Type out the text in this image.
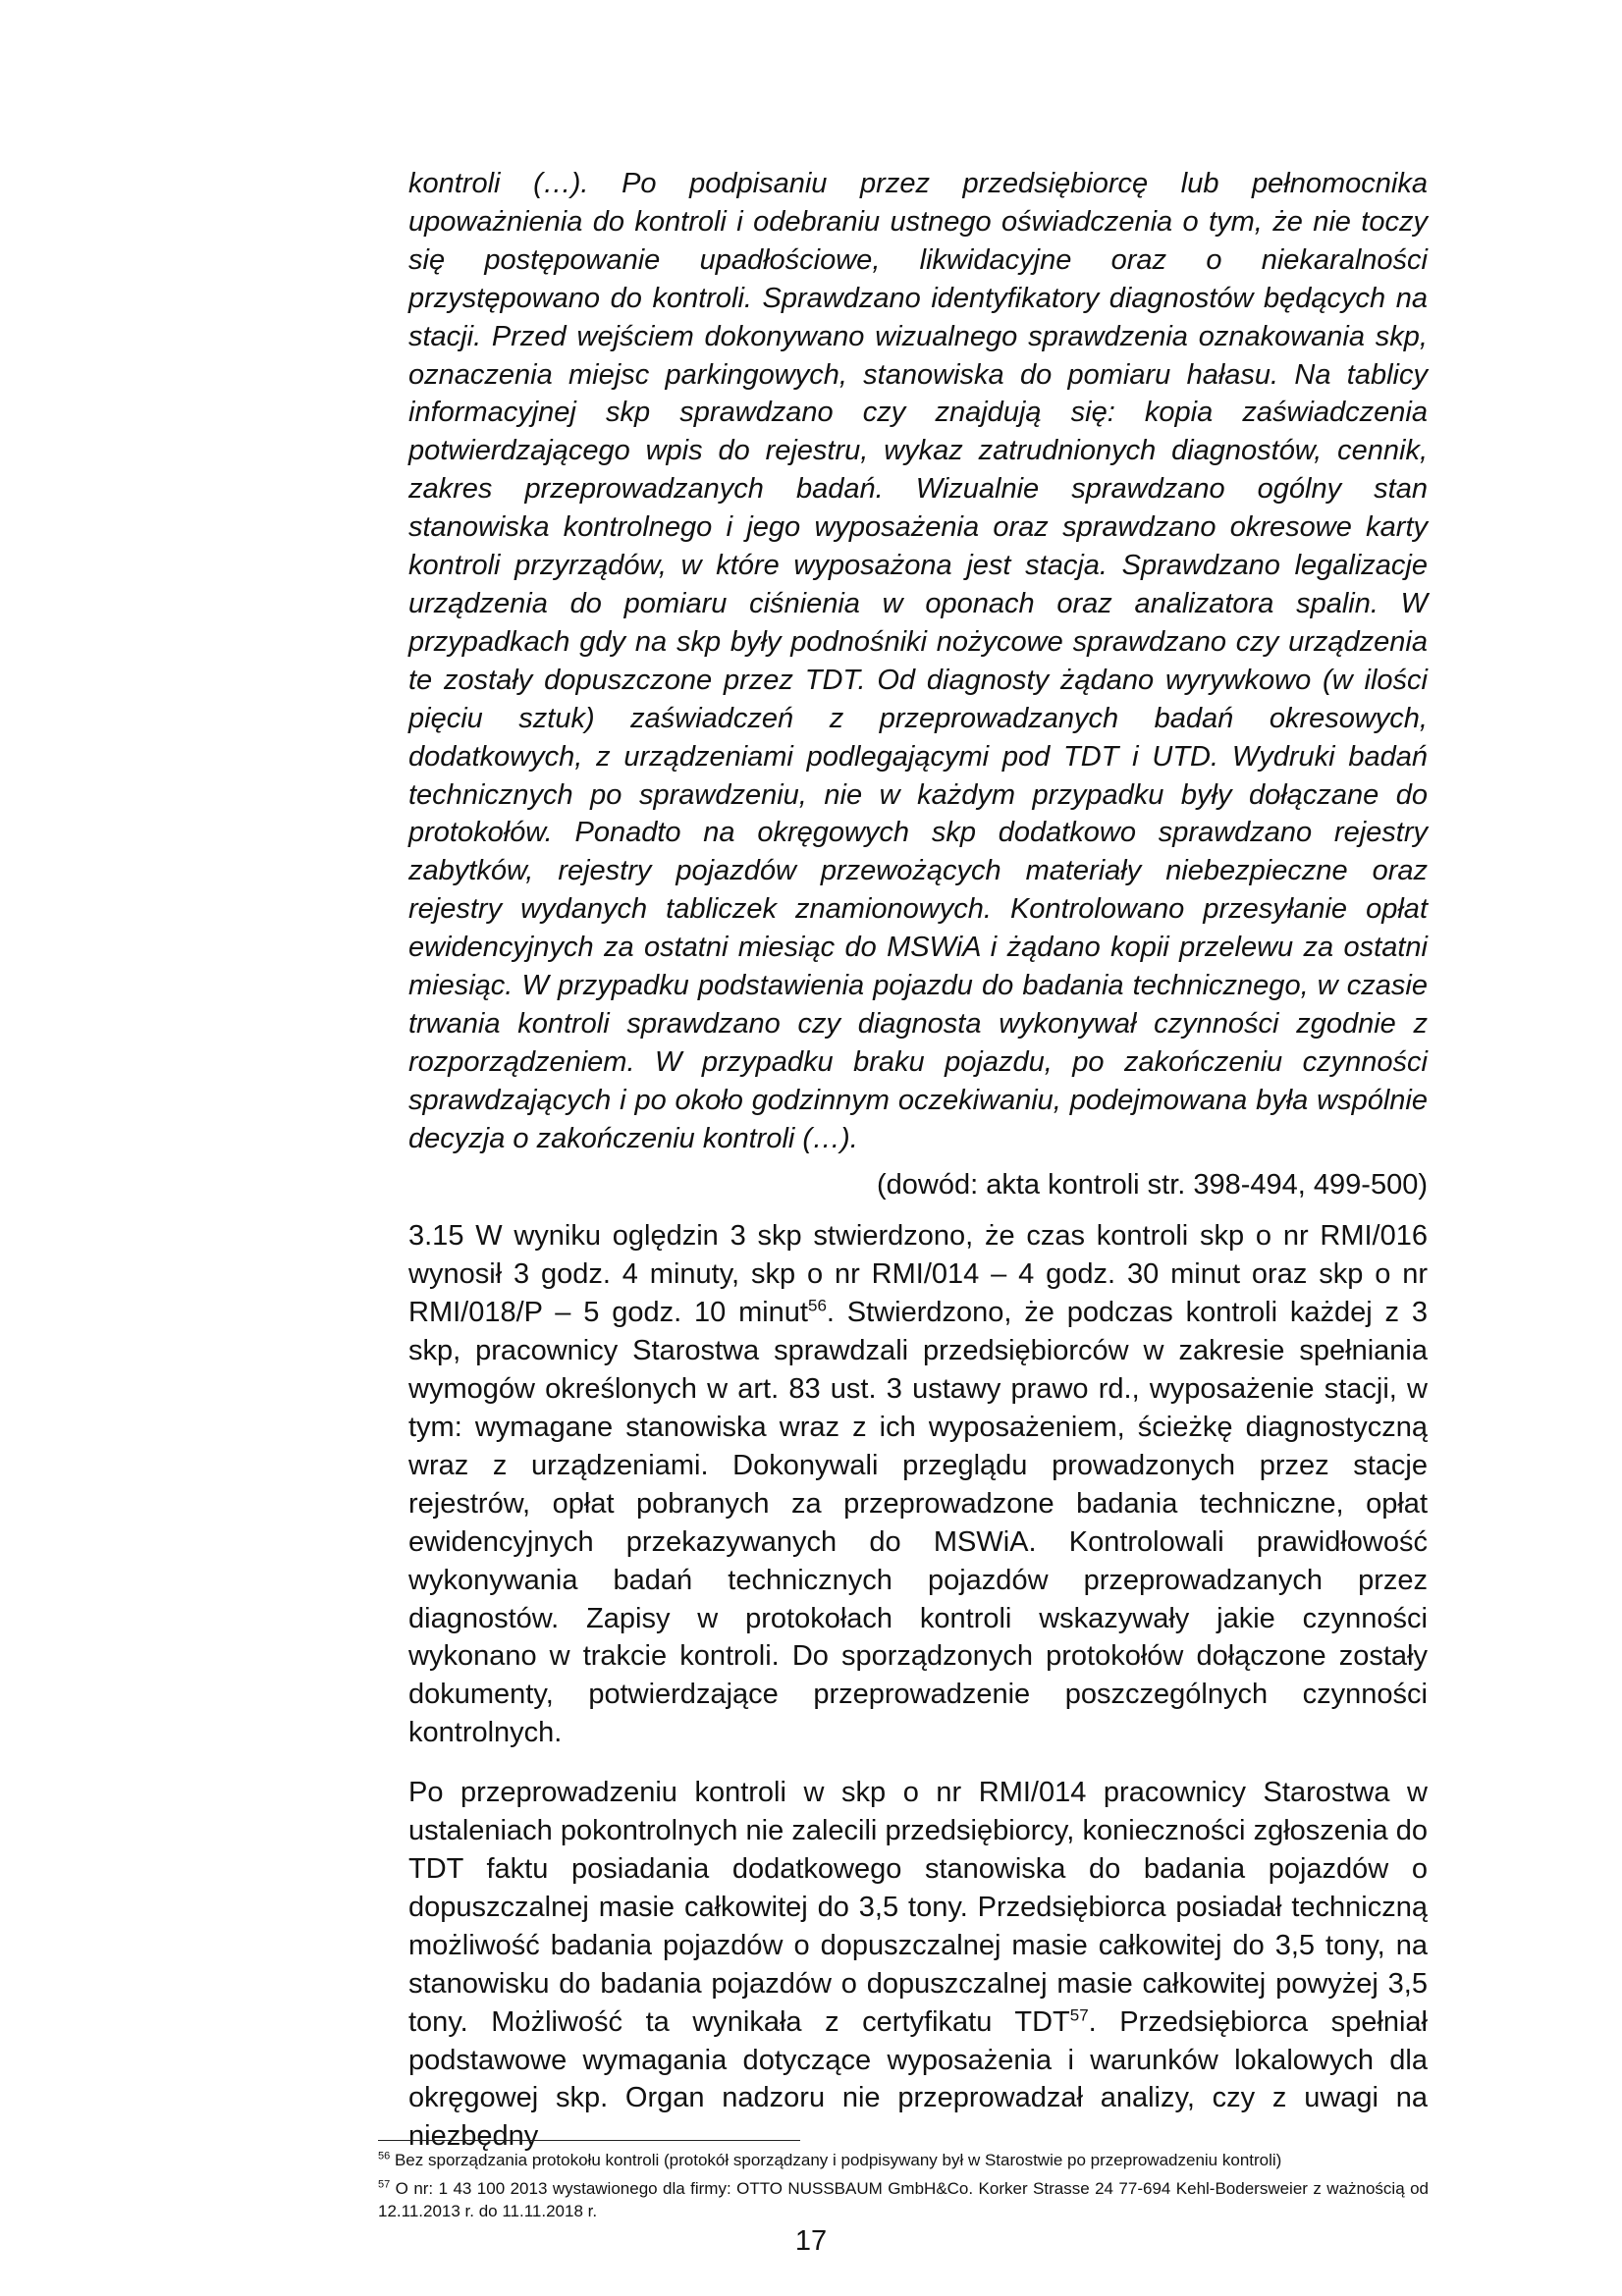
kontroli (…). Po podpisaniu przez przedsiębiorcę lub pełnomocnika upoważnienia do kontroli i odebraniu ustnego oświadczenia o tym, że nie toczy się postępowanie upadłościowe, likwidacyjne oraz o niekaralności przystępowano do kontroli. Sprawdzano identyfikatory diagnostów będących na stacji. Przed wejściem dokonywano wizualnego sprawdzenia oznakowania skp, oznaczenia miejsc parkingowych, stanowiska do pomiaru hałasu. Na tablicy informacyjnej skp sprawdzano czy znajdują się: kopia zaświadczenia potwierdzającego wpis do rejestru, wykaz zatrudnionych diagnostów, cennik, zakres przeprowadzanych badań. Wizualnie sprawdzano ogólny stan stanowiska kontrolnego i jego wyposażenia oraz sprawdzano okresowe karty kontroli przyrządów, w które wyposażona jest stacja. Sprawdzano legalizacje urządzenia do pomiaru ciśnienia w oponach oraz analizatora spalin. W przypadkach gdy na skp były podnośniki nożycowe sprawdzano czy urządzenia te zostały dopuszczone przez TDT. Od diagnosty żądano wyrywkowo (w ilości pięciu sztuk) zaświadczeń z przeprowadzanych badań okresowych, dodatkowych, z urządzeniami podlegającymi pod TDT i UTD. Wydruki badań technicznych po sprawdzeniu, nie w każdym przypadku były dołączane do protokołów. Ponadto na okręgowych skp dodatkowo sprawdzano rejestry zabytków, rejestry pojazdów przewożących materiały niebezpieczne oraz rejestry wydanych tabliczek znamionowych. Kontrolowano przesyłanie opłat ewidencyjnych za ostatni miesiąc do MSWiA i żądano kopii przelewu za ostatni miesiąc. W przypadku podstawienia pojazdu do badania technicznego, w czasie trwania kontroli sprawdzano czy diagnosta wykonywał czynności zgodnie z rozporządzeniem. W przypadku braku pojazdu, po zakończeniu czynności sprawdzających i po około godzinnym oczekiwaniu, podejmowana była wspólnie decyzja o zakończeniu kontroli (…).

(dowód: akta kontroli str. 398-494, 499-500)

3.15 W wyniku oględzin 3 skp stwierdzono, że czas kontroli skp o nr RMI/016 wynosił 3 godz. 4 minuty, skp o nr RMI/014 – 4 godz. 30 minut oraz skp o nr RMI/018/P – 5 godz. 10 minut$^{56}$. Stwierdzono, że podczas kontroli każdej z 3 skp, pracownicy Starostwa sprawdzali przedsiębiorców w zakresie spełniania wymogów określonych w art. 83 ust. 3 ustawy prawo rd., wyposażenie stacji, w tym: wymagane stanowiska wraz z ich wyposażeniem, ścieżkę diagnostyczną wraz z urządzeniami. Dokonywali przeglądu prowadzonych przez stacje rejestrów, opłat pobranych za przeprowadzone badania techniczne, opłat ewidencyjnych przekazywanych do MSWiA. Kontrolowali prawidłowość wykonywania badań technicznych pojazdów przeprowadzanych przez diagnostów. Zapisy w protokołach kontroli wskazywały jakie czynności wykonano w trakcie kontroli. Do sporządzonych protokołów dołączone zostały dokumenty, potwierdzające przeprowadzenie poszczególnych czynności kontrolnych.

Po przeprowadzeniu kontroli w skp o nr RMI/014 pracownicy Starostwa w ustaleniach pokontrolnych nie zalecili przedsiębiorcy, konieczności zgłoszenia do TDT faktu posiadania dodatkowego stanowiska do badania pojazdów o dopuszczalnej masie całkowitej do 3,5 tony. Przedsiębiorca posiadał techniczną możliwość badania pojazdów o dopuszczalnej masie całkowitej do 3,5 tony, na stanowisku do badania pojazdów o dopuszczalnej masie całkowitej powyżej 3,5 tony. Możliwość ta wynikała z certyfikatu TDT$^{57}$. Przedsiębiorca spełniał podstawowe wymagania dotyczące wyposażenia i warunków lokalowych dla okręgowej skp. Organ nadzoru nie przeprowadzał analizy, czy z uwagi na niezbędny

$^{56}$ Bez sporządzania protokołu kontroli (protokół sporządzany i podpisywany był w Starostwie po przeprowadzeniu kontroli)

$^{57}$ O nr: 1 43 100 2013 wystawionego dla firmy: OTTO NUSSBAUM GmbH&Co. Korker Strasse 24 77-694 Kehl-Bodersweier z ważnością od 12.11.2013 r. do 11.11.2018 r.

17
